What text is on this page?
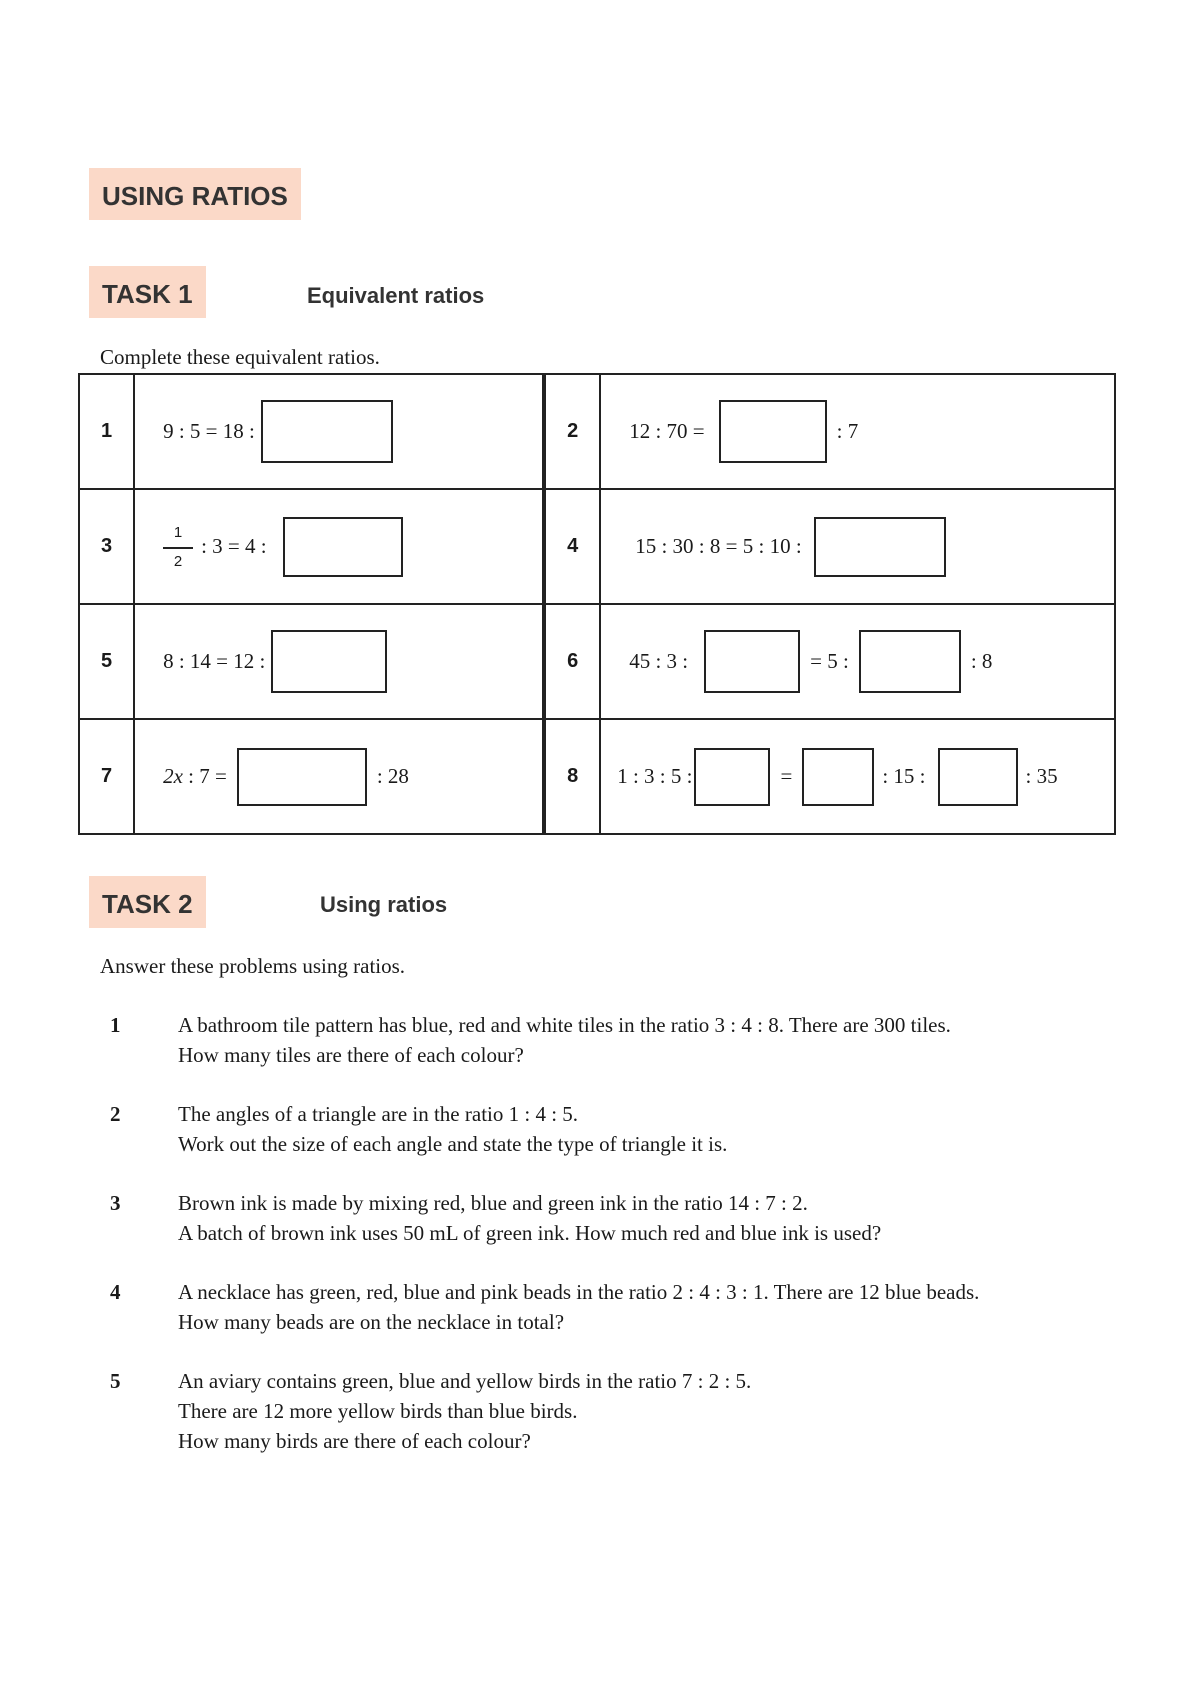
USING RATIOS
TASK 1	Equivalent ratios
Complete these equivalent ratios.
1	9 : 5 = 18 :	2	12 : 70 = : 7

3	$\frac{1}{2}$ : 3 = 4 :	4	15 : 30 : 8 = 5 : 10 :

5	8 : 14 = 12 :	6	45 : 3 : = 5 : : 8

7	2x : 7 = : 28	8	1 : 3 : 5 : = : 15 : : 35
TASK 2	Using ratios
Answer these problems using ratios.
1	A bathroom tile pattern has blue, red and white tiles in the ratio 3 : 4 : 8. There are 300 tiles.
How many tiles are there of each colour?
2	The angles of a triangle are in the ratio 1 : 4 : 5.
Work out the size of each angle and state the type of triangle it is.
3	Brown ink is made by mixing red, blue and green ink in the ratio 14 : 7 : 2.
A batch of brown ink uses 50 mL of green ink. How much red and blue ink is used?
4	A necklace has green, red, blue and pink beads in the ratio 2 : 4 : 3 : 1. There are 12 blue beads.
How many beads are on the necklace in total?
5	An aviary contains green, blue and yellow birds in the ratio 7 : 2 : 5.
There are 12 more yellow birds than blue birds.
How many birds are there of each colour?
